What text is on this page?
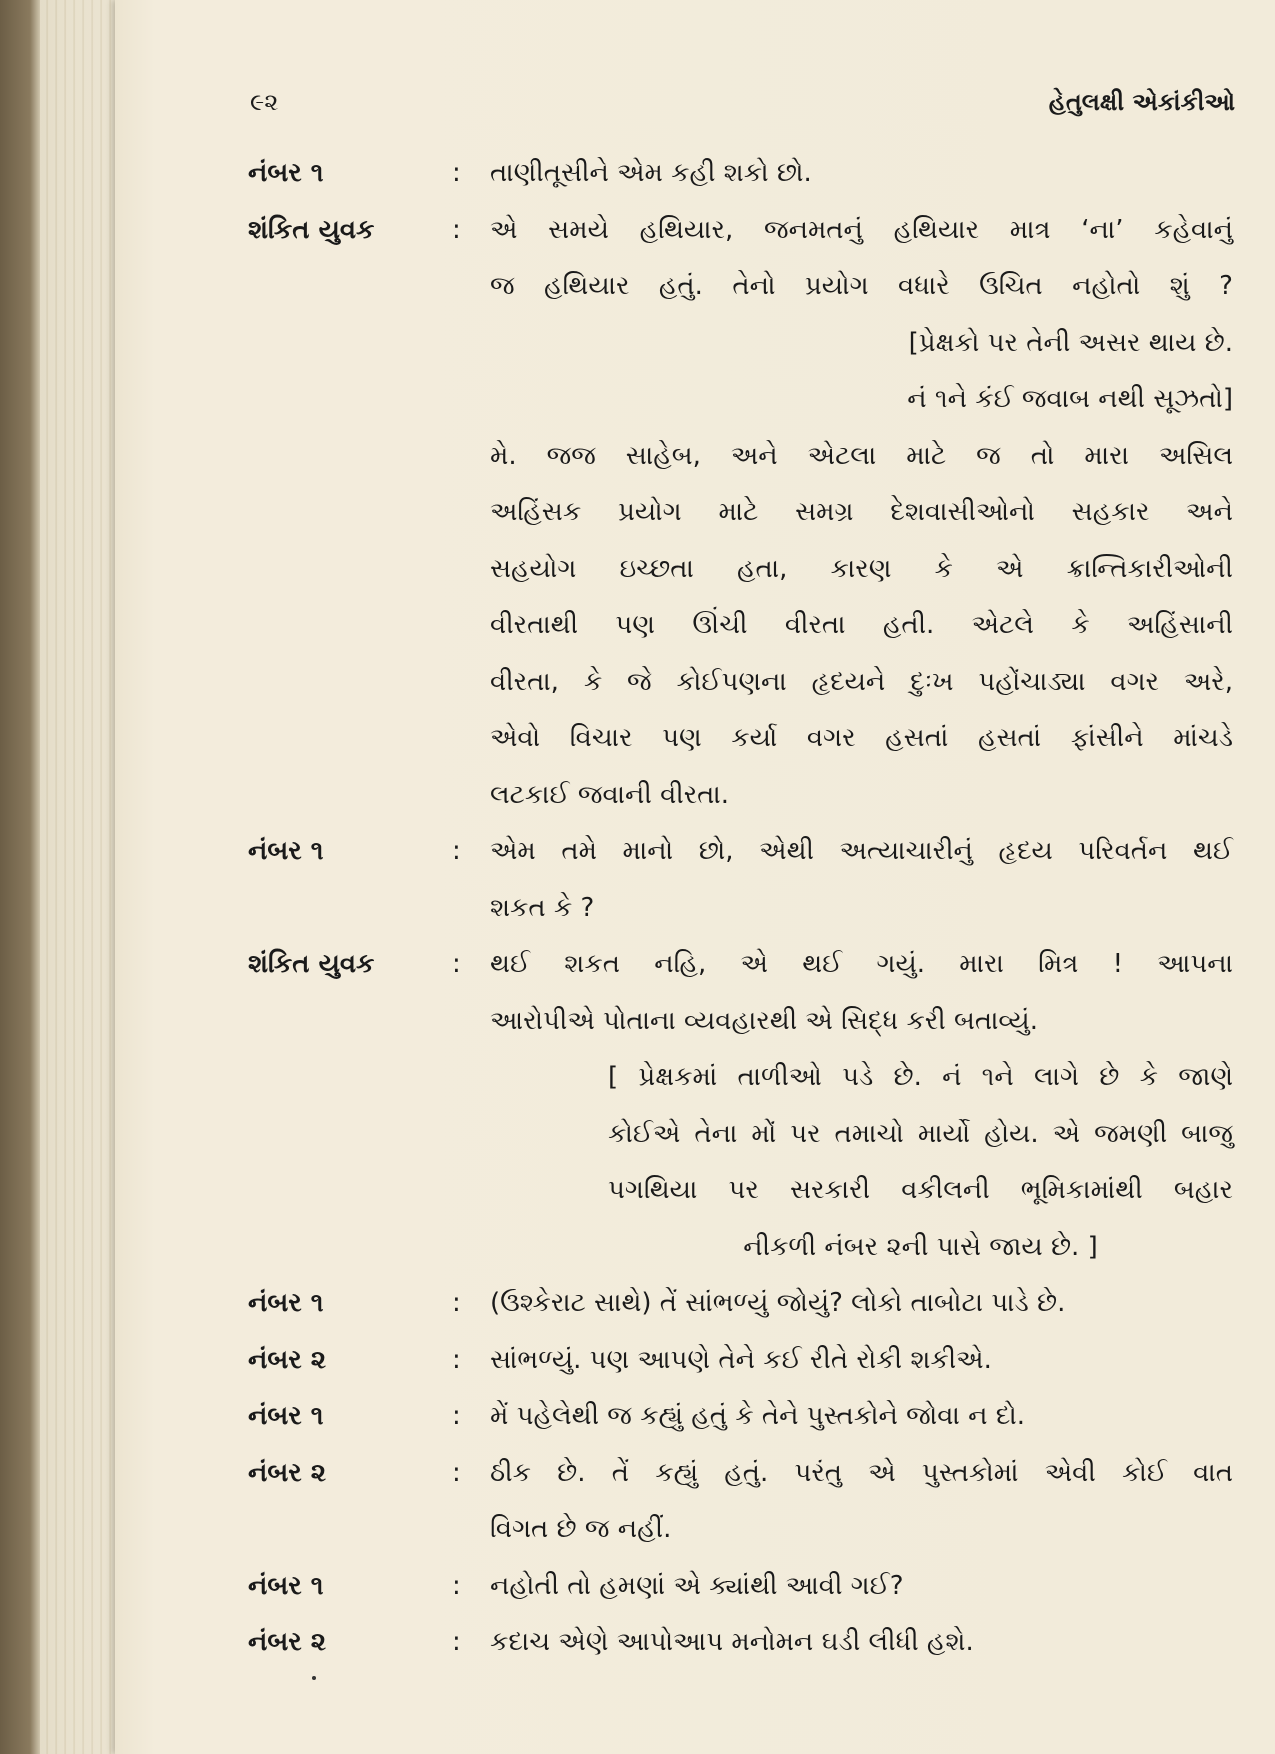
૯૨	હેતુલક્ષી એકાંકીઓ
નંબર ૧	: તાણીતૂસીને એમ કહી શકો છો.
શંકિત યુવક	: એ સમયે હથિયાર, જનમતનું હથિયાર માત્ર ‘ના’ કહેવાનું
જ હથિયાર હતું. તેનો પ્રયોગ વધારે ઉચિત નહોતો શું ?
[પ્રેક્ષકો પર તેની અસર થાય છે.
નં ૧ને કંઈ જવાબ નથી સૂઝતો]
મે. જજ સાહેબ, અને એટલા માટે જ તો મારા અસિલ
અહિંસક પ્રયોગ માટે સમગ્ર દેશવાસીઓનો સહકાર અને
સહયોગ ઇચ્છતા હતા, કારણ કે એ ક્રાન્તિકારીઓની
વીરતાથી પણ ઊંચી વીરતા હતી. એટલે કે અહિંસાની
વીરતા, કે જે કોઈપણના હૃદયને દુઃખ પહોંચાડ્યા વગર અરે,
એવો વિચાર પણ કર્યા વગર હસતાં હસતાં ફાંસીને માંચડે
લટકાઈ જવાની વીરતા.
નંબર ૧	: એમ તમે માનો છો, એથી અત્યાચારીનું હૃદય પરિવર્તન થઈ
શકત કે ?
શંકિત યુવક	: થઈ શકત નહિ, એ થઈ ગયું. મારા મિત્ર ! આપના
આરોપીએ પોતાના વ્યવહારથી એ સિદ્ધ કરી બતાવ્યું.
[ પ્રેક્ષકમાં તાળીઓ પડે છે. નં ૧ને લાગે છે કે જાણે
કોઈએ તેના મોં પર તમાચો માર્યો હોય. એ જમણી બાજુ
પગથિયા પર સરકારી વકીલની ભૂમિકામાંથી બહાર
નીકળી નંબર ૨ની પાસે જાય છે. ]
નંબર ૧	: (ઉશ્કેરાટ સાથે) તેં સાંભળ્યું જોયું? લોકો તાબોટા પાડે છે.
નંબર ૨	: સાંભળ્યું. પણ આપણે તેને કઈ રીતે રોકી શકીએ.
નંબર ૧	: મેં પહેલેથી જ કહ્યું હતું કે તેને પુસ્તકોને જોવા ન દો.
નંબર ૨	: ઠીક છે. તેં કહ્યું હતું. પરંતુ એ પુસ્તકોમાં એવી કોઈ વાત
વિગત છે જ નહીં.
નંબર ૧	: નહોતી તો હમણાં એ ક્યાંથી આવી ગઈ?
નંબર ૨	: કદાચ એણે આપોઆપ મનોમન ઘડી લીધી હશે.
